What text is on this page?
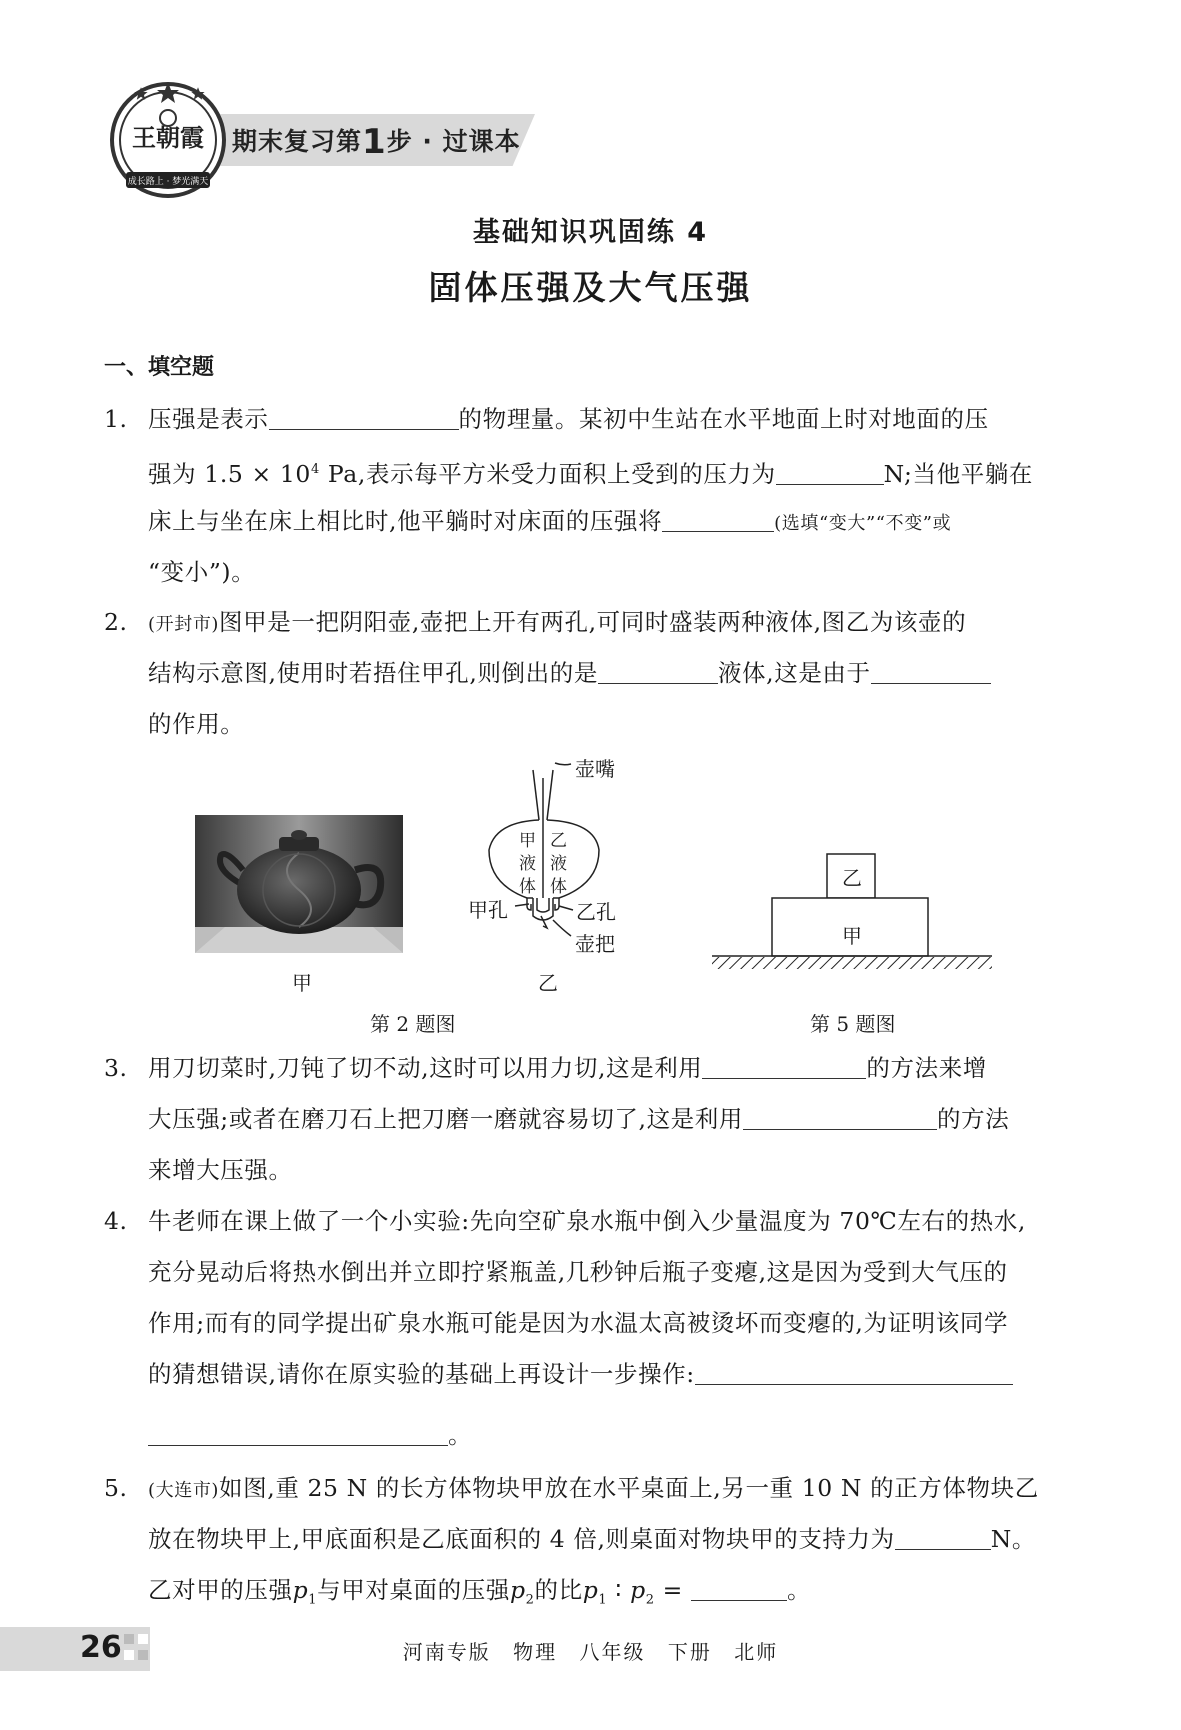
期末复习第1步 · 过课本
王朝霞
成长路上 · 梦光满天
基础知识巩固练 4
固体压强及大气压强
一、填空题
1. 压强是表示	的物理量。某初中生站在水平地面上时对地面的压
强为 $1.5 \times 10^4$ Pa,表示每平方米受力面积上受到的压力为	N;当他平躺在
床上与坐在床上相比时,他平躺时对床面的压强将	(选填“变大”“不变”或
“变小”)。
2. (开封市)图甲是一把阴阳壶,壶把上开有两孔,可同时盛装两种液体,图乙为该壶的
结构示意图,使用时若捂住甲孔,则倒出的是	液体,这是由于
的作用。
甲
甲
液
体
乙
液
体
壶嘴
甲孔	乙孔
壶把
乙
乙
甲
第 2 题图	第 5 题图
3. 用刀切菜时,刀钝了切不动,这时可以用力切,这是利用	的方法来增
大压强;或者在磨刀石上把刀磨一磨就容易切了,这是利用	的方法
来增大压强。
4. 牛老师在课上做了一个小实验:先向空矿泉水瓶中倒入少量温度为 70℃左右的热水,
充分晃动后将热水倒出并立即拧紧瓶盖,几秒钟后瓶子变瘪,这是因为受到大气压的
作用;而有的同学提出矿泉水瓶可能是因为水温太高被烫坏而变瘪的,为证明该同学
的猜想错误,请你在原实验的基础上再设计一步操作:
。
5. (大连市)如图,重 25 N 的长方体物块甲放在水平桌面上,另一重 10 N 的正方体物块乙
放在物块甲上,甲底面积是乙底面积的 4 倍,则桌面对物块甲的支持力为	N。
乙对甲的压强$p_1$与甲对桌面的压强$p_2$的比$p_1$ ∶ $p_2$ =	。
26	河南专版 物理 八年级 下册 北师
